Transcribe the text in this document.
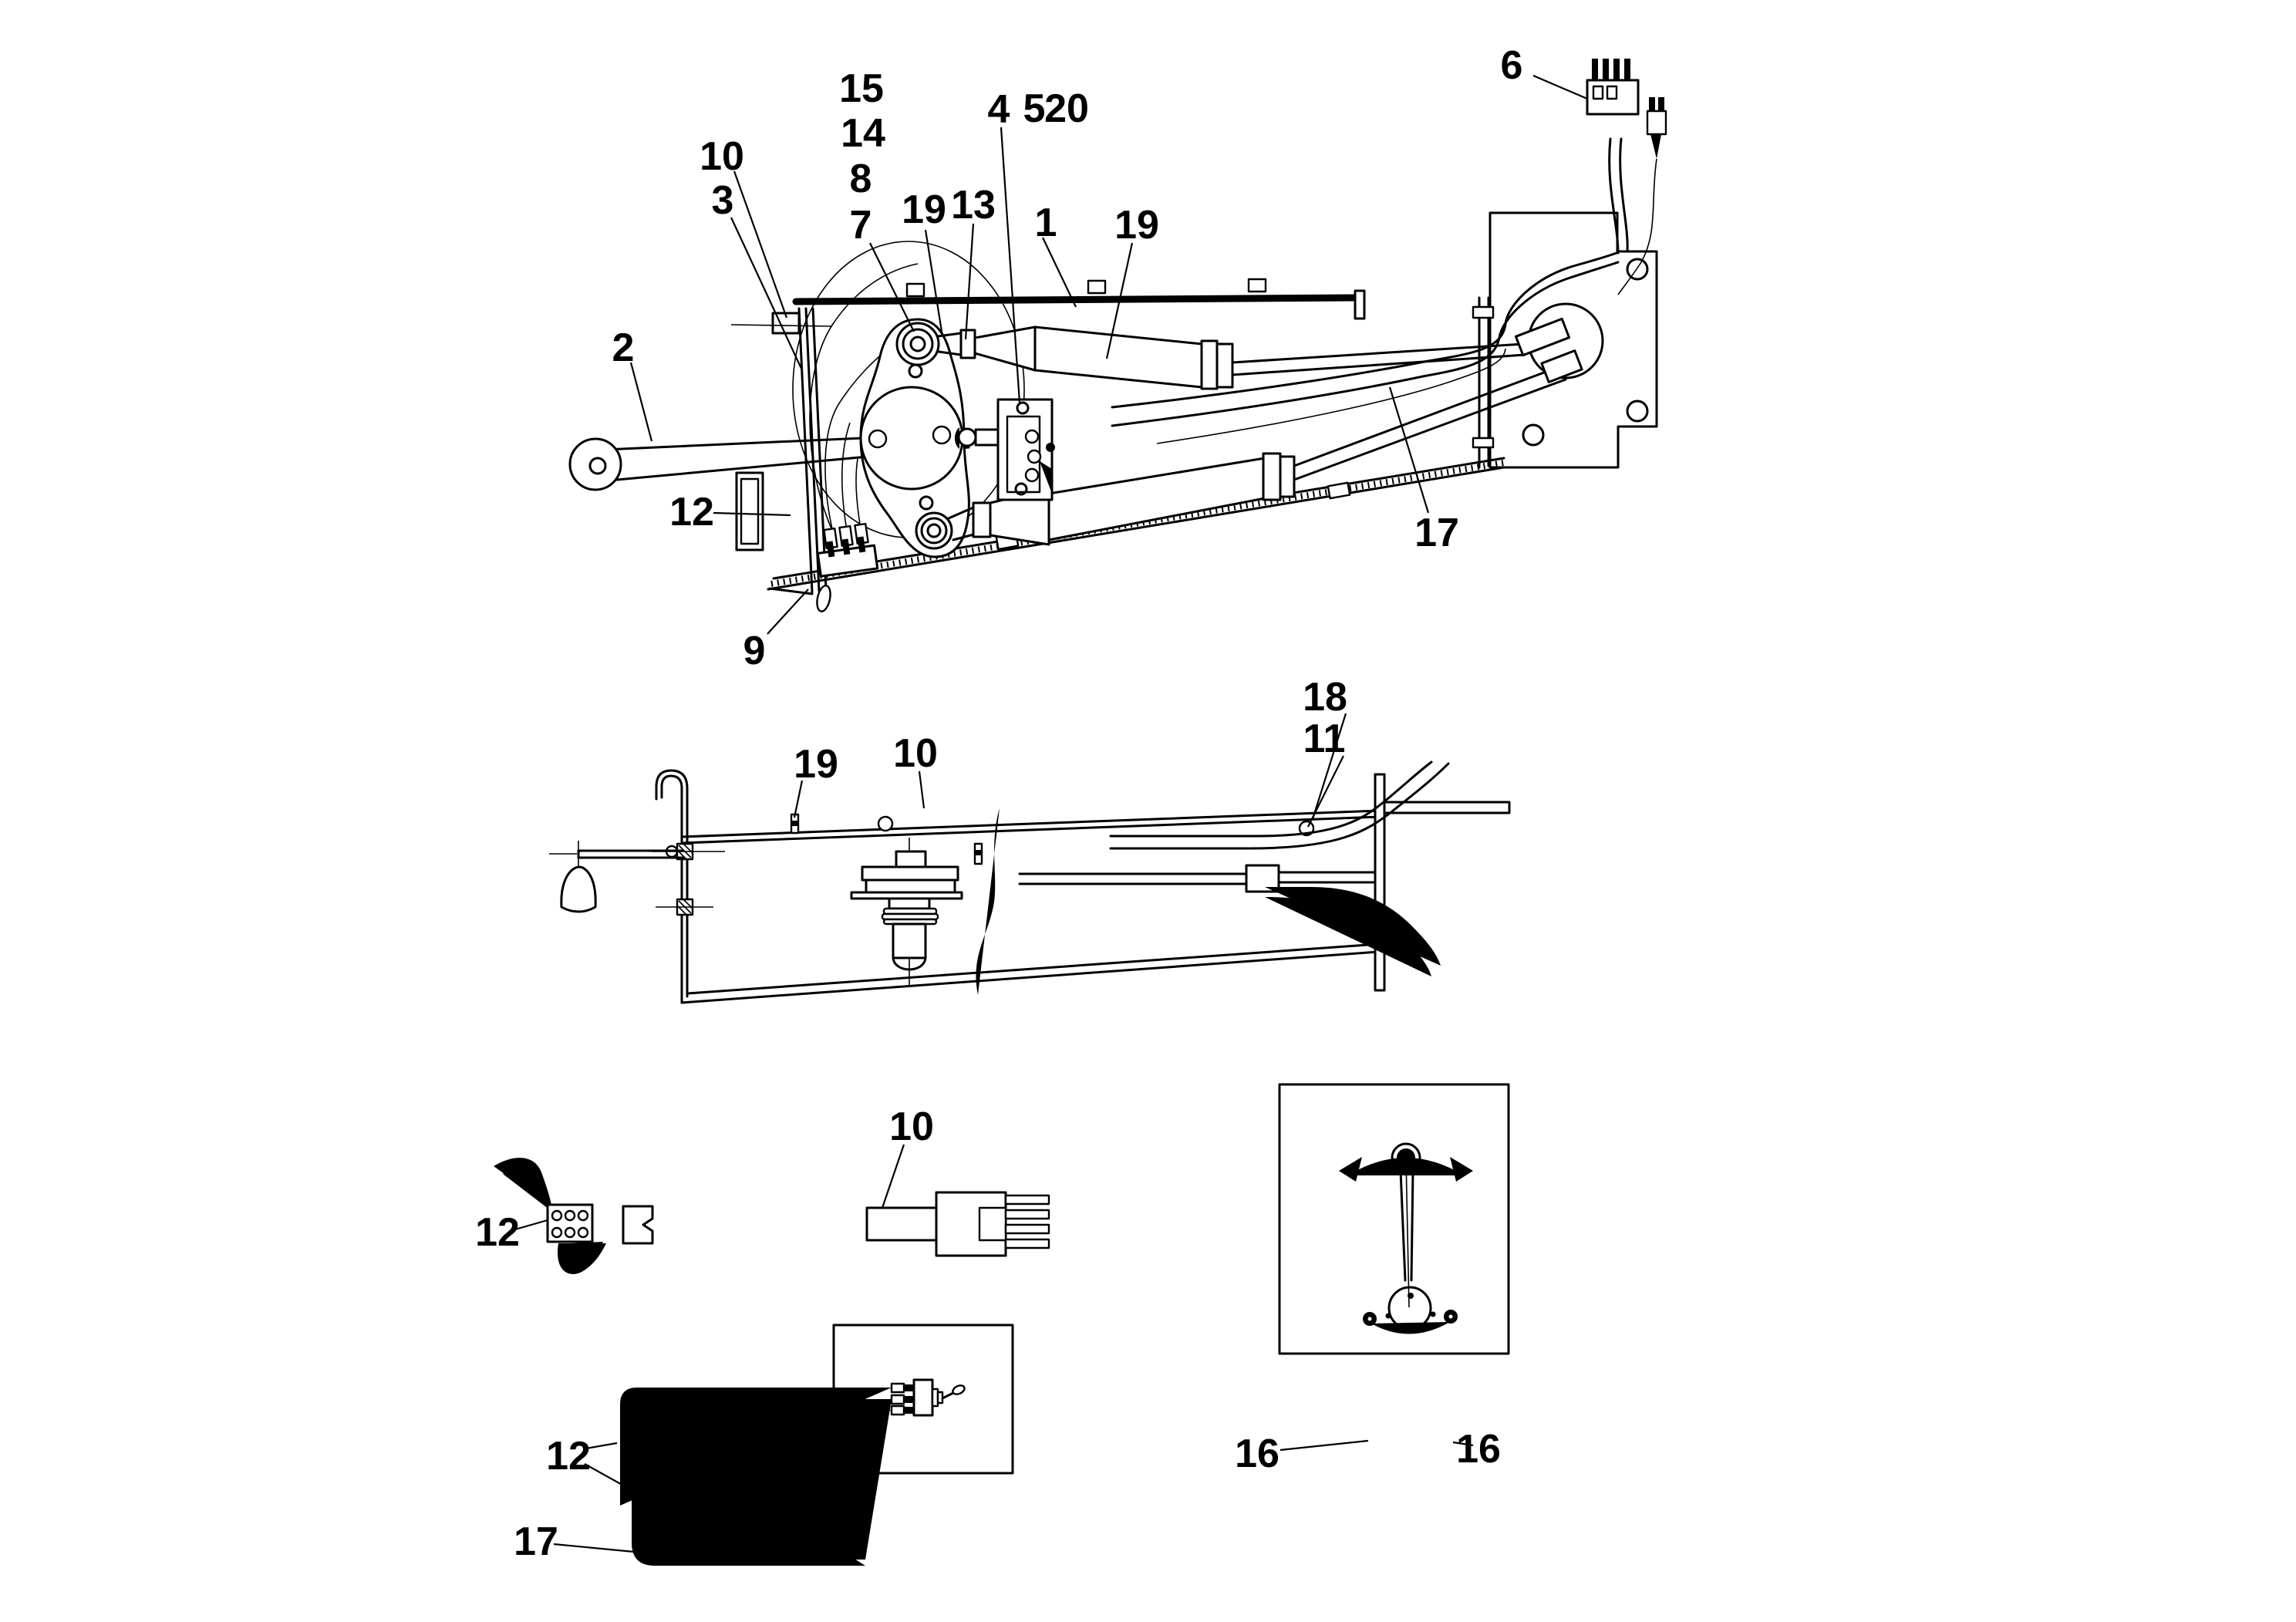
15
14
8
7
10
3
2
19 13
4 5
20
1 19
6
12
9
17
19 10
18
11
12
10
12
17
16	16
